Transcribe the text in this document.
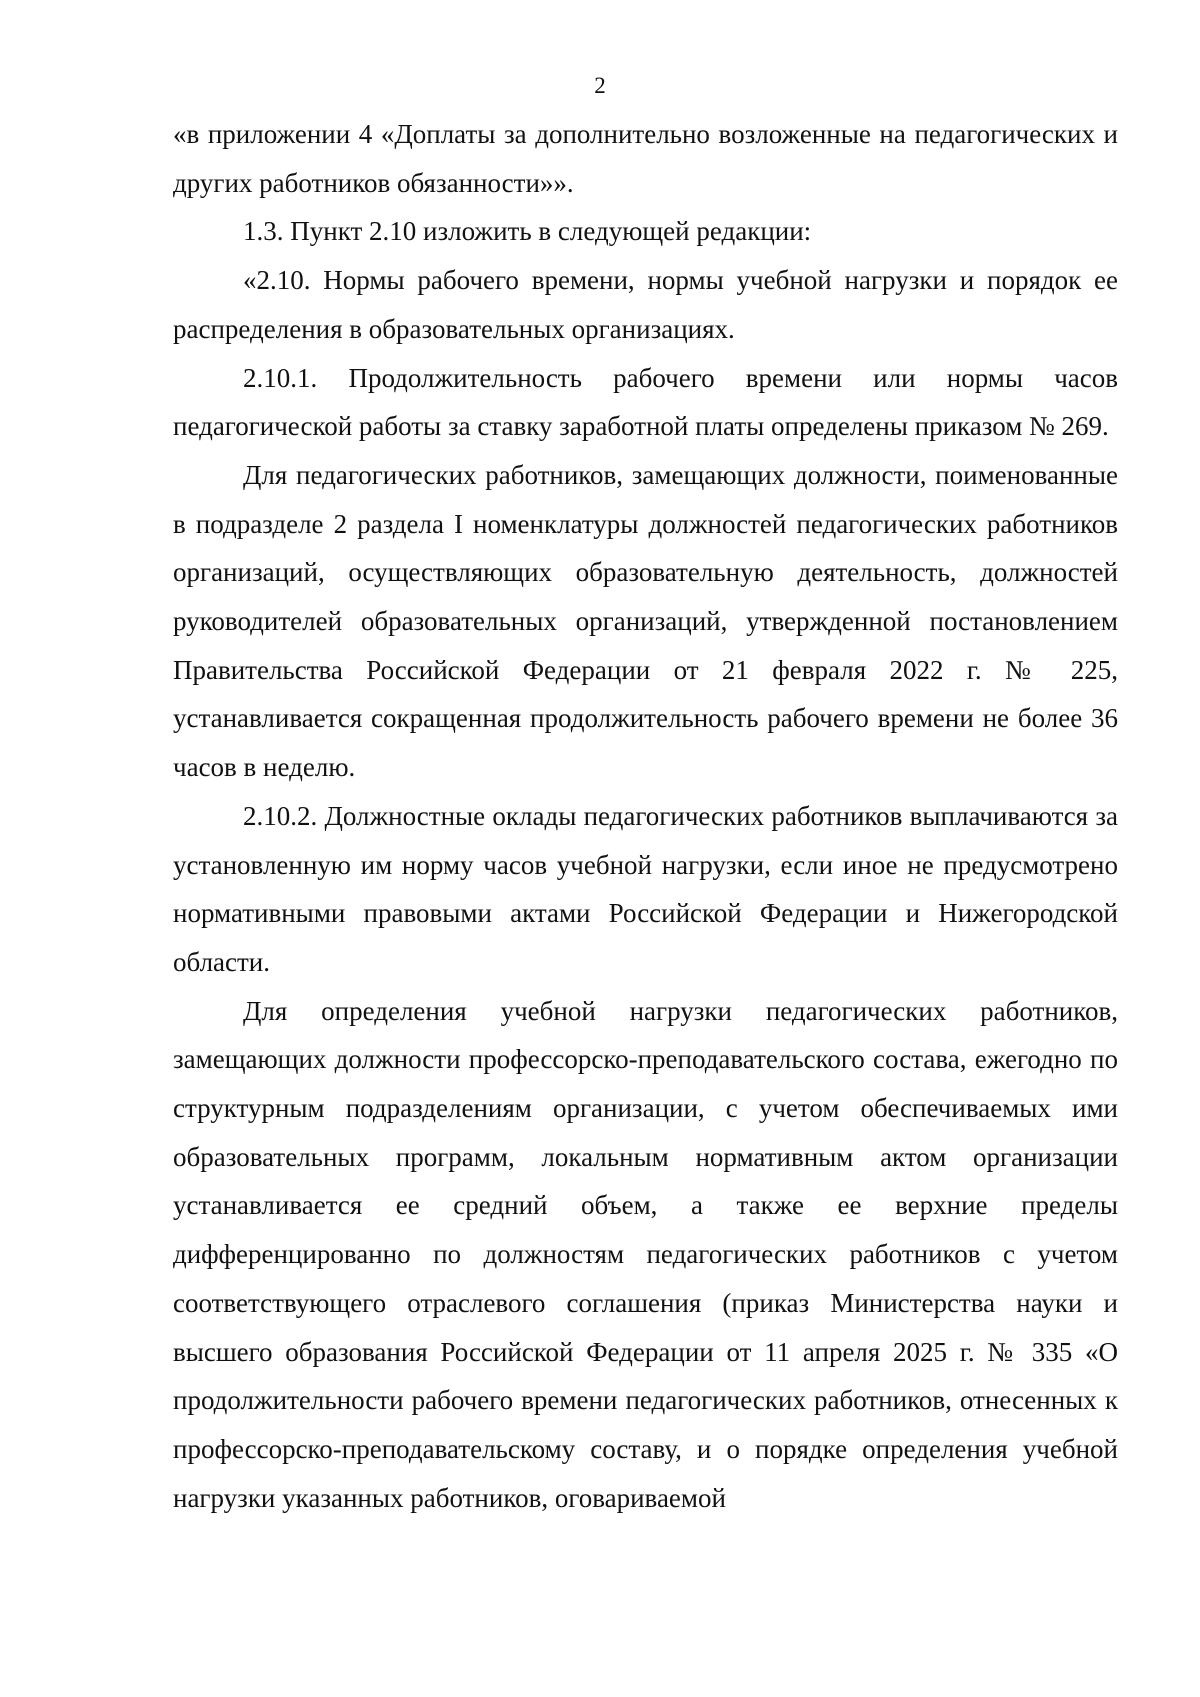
2

«в приложении 4 «Доплаты за дополнительно возложенные на педагогических и других работников обязанности»».

1.3. Пункт 2.10 изложить в следующей редакции:

«2.10. Нормы рабочего времени, нормы учебной нагрузки и порядок ее распределения в образовательных организациях.

2.10.1. Продолжительность рабочего времени или нормы часов педагогической работы за ставку заработной платы определены приказом № 269.

Для педагогических работников, замещающих должности, поименованные в подразделе 2 раздела I номенклатуры должностей педагогических работников организаций, осуществляющих образовательную деятельность, должностей руководителей образовательных организаций, утвержденной постановлением Правительства Российской Федерации от 21 февраля 2022 г. № 225, устанавливается сокращенная продолжительность рабочего времени не более 36 часов в неделю.

2.10.2. Должностные оклады педагогических работников выплачиваются за установленную им норму часов учебной нагрузки, если иное не предусмотрено нормативными правовыми актами Российской Федерации и Нижегородской области.

Для определения учебной нагрузки педагогических работников, замещающих должности профессорско-преподавательского состава, ежегодно по структурным подразделениям организации, с учетом обеспечиваемых ими образовательных программ, локальным нормативным актом организации устанавливается ее средний объем, а также ее верхние пределы дифференцированно по должностям педагогических работников с учетом соответствующего отраслевого соглашения (приказ Министерства науки и высшего образования Российской Федерации от 11 апреля 2025 г. № 335 «О продолжительности рабочего времени педагогических работников, отнесенных к профессорско-преподавательскому составу, и о порядке определения учебной нагрузки указанных работников, оговариваемой
